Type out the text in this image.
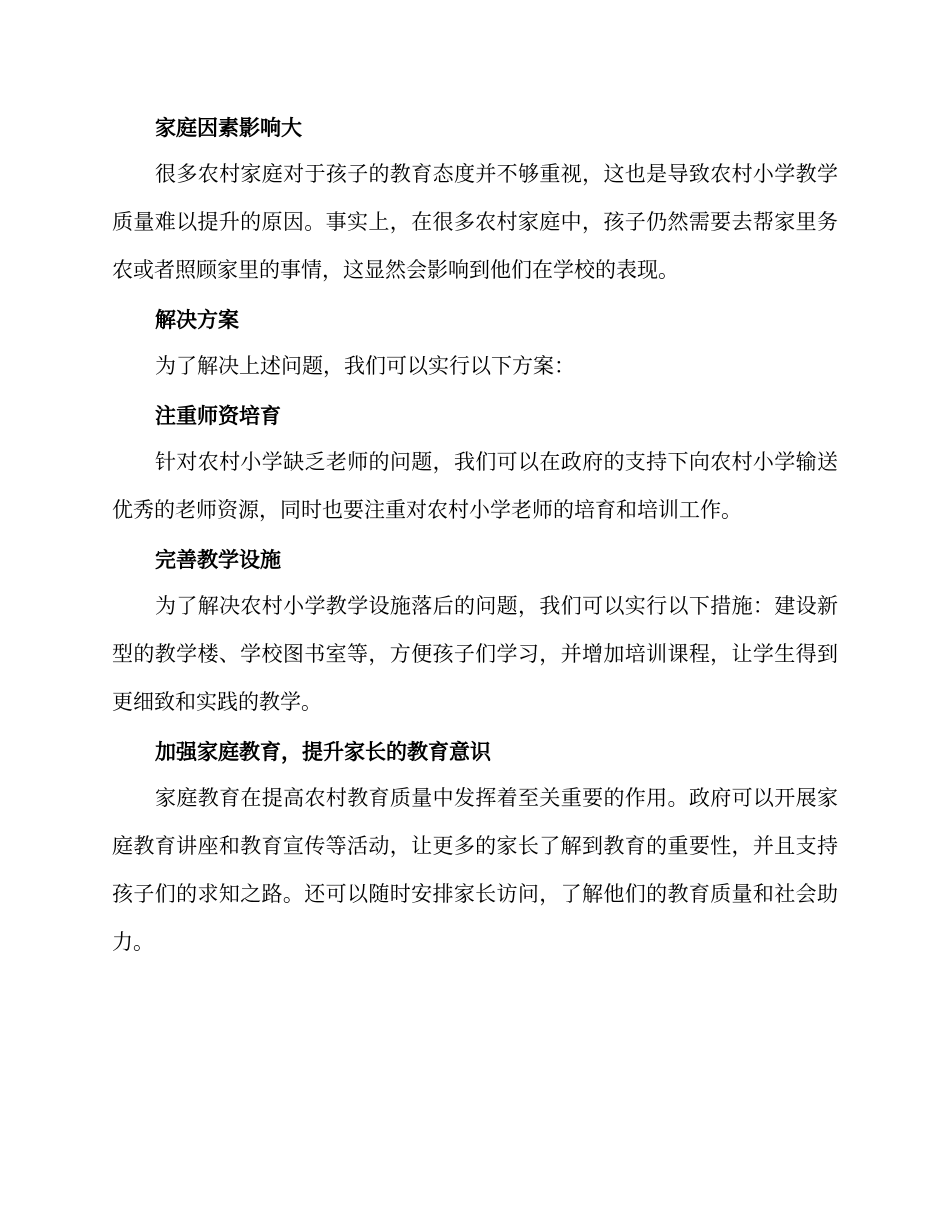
家庭因素影响大

很多农村家庭对于孩子的教育态度并不够重视，这也是导致农村小学教学质量难以提升的原因。事实上，在很多农村家庭中，孩子仍然需要去帮家里务农或者照顾家里的事情，这显然会影响到他们在学校的表现。

解决方案

为了解决上述问题，我们可以实行以下方案：

注重师资培育

针对农村小学缺乏老师的问题，我们可以在政府的支持下向农村小学输送优秀的老师资源，同时也要注重对农村小学老师的培育和培训工作。

完善教学设施

为了解决农村小学教学设施落后的问题，我们可以实行以下措施：建设新型的教学楼、学校图书室等，方便孩子们学习，并增加培训课程，让学生得到更细致和实践的教学。

加强家庭教育，提升家长的教育意识

家庭教育在提高农村教育质量中发挥着至关重要的作用。政府可以开展家庭教育讲座和教育宣传等活动，让更多的家长了解到教育的重要性，并且支持孩子们的求知之路。还可以随时安排家长访问，了解他们的教育质量和社会助力。
